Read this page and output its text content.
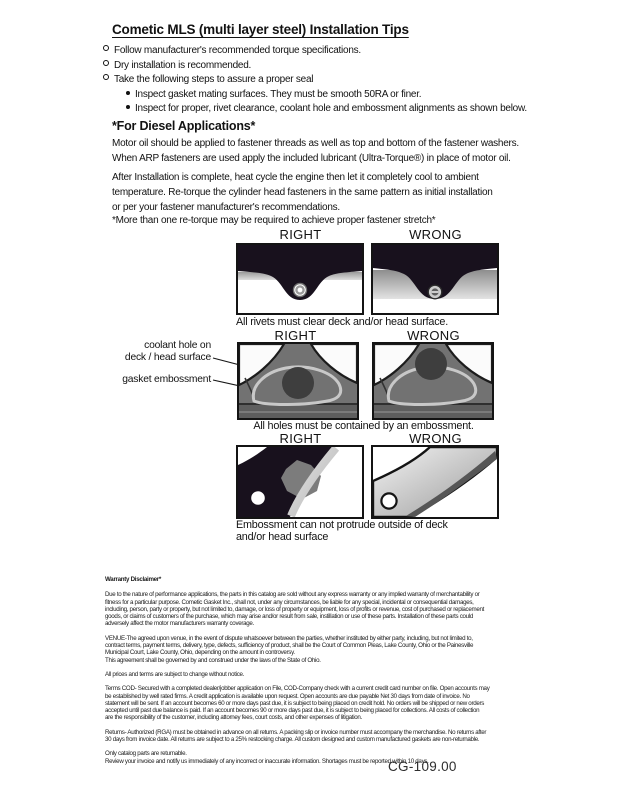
Cometic MLS (multi layer steel) Installation Tips
Follow manufacturer's recommended torque specifications.
Dry installation is recommended.
Take the following steps to assure a proper seal
Inspect gasket mating surfaces. They must be smooth 50RA or finer.
Inspect for proper, rivet clearance, coolant hole and embossment alignments as shown below.
*For Diesel Applications*
Motor oil should be applied to fastener threads as well as top and bottom of the fastener washers.
When ARP fasteners are used apply the included lubricant (Ultra-Torque®) in place of motor oil.
After Installation is complete, heat cycle the engine then let it completely cool to ambient
temperature. Re-torque the cylinder head fasteners in the same pattern as initial installation
or per your fastener manufacturer's recommendations.
*More than one re-torque may be required to achieve proper fastener stretch*
RIGHT	WRONG
All rivets must clear deck and/or head surface.
RIGHT	WRONG
coolant hole on
deck / head surface
gasket embossment
All holes must be contained by an embossment.
RIGHT	WRONG
Embossment can not protrude outside of deck
and/or head surface
Warranty Disclaimer*
Due to the nature of performance applications, the parts in this catalog are sold without any express warranty or any implied warranty of merchantability or
fitness for a particular purpose. Cometic Gasket Inc., shall not, under any circumstances, be liable for any special, incidental or consequential damages,
including, person, party or property, but not limited to, damage, or loss of property or equipment, loss of profits or revenue, cost of purchased or replacement
goods, or claims of customers of the purchase, which may arise and/or result from sale, instillation or use of these parts. Installation of these parts could
adversely affect the motor manufacturers warranty coverage.
VENUE-The agreed upon venue, in the event of dispute whatsoever between the parties, whether instituted by either party, including, but not limited to,
contract terms, payment terms, delivery, type, defects, sufficiency of product, shall be the Court of Common Pleas, Lake County, Ohio or the Painesville
Municipal Court, Lake County, Ohio, depending on the amount in controversy.
This agreement shall be governed by and construed under the laws of the State of Ohio.
All prices and terms are subject to change without notice.
Terms COD- Secured with a completed dealer/jobber application on File, COD-Company check with a current credit card number on file. Open accounts may
be established by well rated firms. A credit application is available upon request. Open accounts are due payable Net 30 days from date of invoice. No
statement will be sent. If an account becomes 60 or more days past due, it is subject to being placed on credit hold. No orders will be shipped or new orders
accepted until past due balance is paid. If an account becomes 90 or more days past due, it is subject to being placed for collections. All costs of collection
are the responsibility of the customer, including attorney fees, court costs, and other expenses of litigation.
Returns- Authorized (RGA) must be obtained in advance on all returns. A packing slip or invoice number must accompany the merchandise. No returns after
30 days from invoice date. All returns are subject to a 25% restocking charge. All custom designed and custom manufactured gaskets are non-returnable.
Only catalog parts are returnable.
Review your invoice and notify us immediately of any incorrect or inaccurate information. Shortages must be reported within 10 days.
CG-109.00
